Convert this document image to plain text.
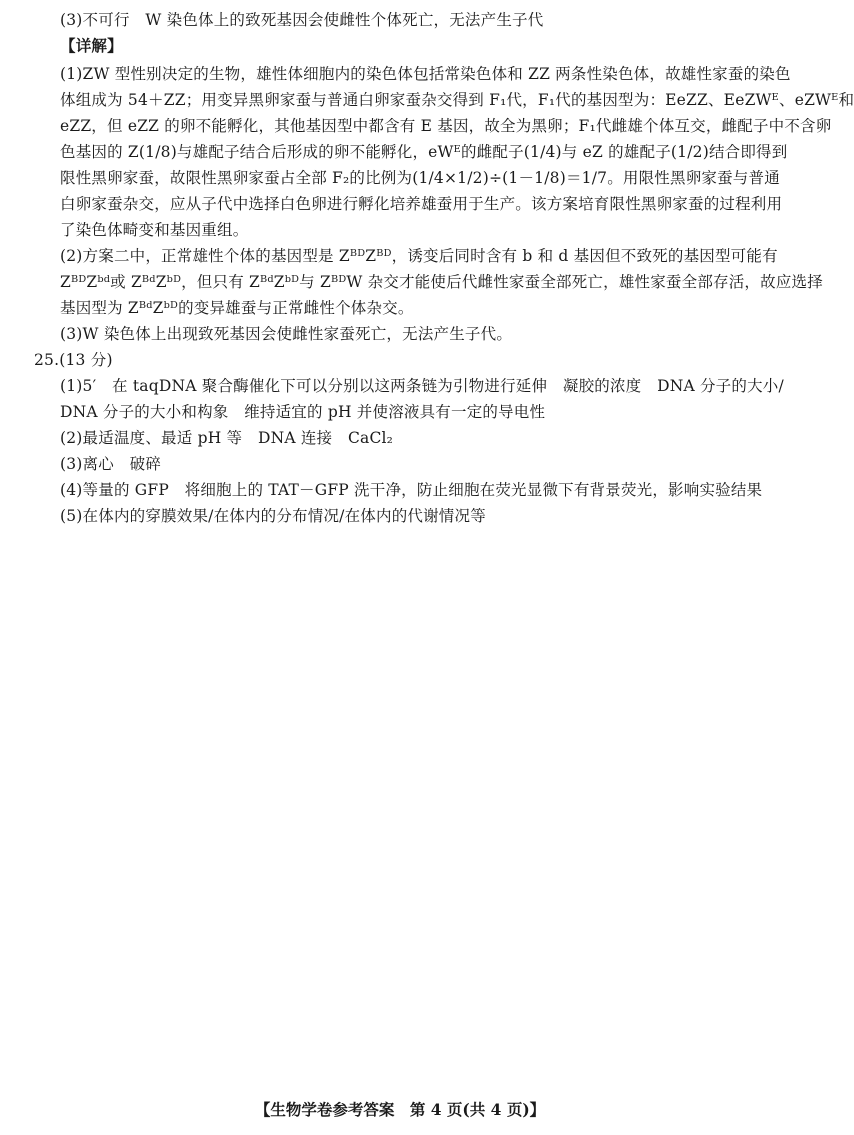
(3)不可行　W 染色体上的致死基因会使雌性个体死亡，无法产生子代
【详解】
(1)ZW 型性别决定的生物，雄性体细胞内的染色体包括常染色体和 ZZ 两条性染色体，故雄性家蚕的染色
体组成为 54＋ZZ；用变异黑卵家蚕与普通白卵家蚕杂交得到 F₁代，F₁代的基因型为：EeZZ、EeZWᴱ、eZWᴱ和
eZZ，但 eZZ 的卵不能孵化，其他基因型中都含有 E 基因，故全为黑卵；F₁代雌雄个体互交，雌配子中不含卵
色基因的 Z(1/8)与雄配子结合后形成的卵不能孵化，eWᴱ的雌配子(1/4)与 eZ 的雄配子(1/2)结合即得到
限性黑卵家蚕，故限性黑卵家蚕占全部 F₂的比例为(1/4×1/2)÷(1－1/8)＝1/7。用限性黑卵家蚕与普通
白卵家蚕杂交，应从子代中选择白色卵进行孵化培养雄蚕用于生产。该方案培育限性黑卵家蚕的过程利用
了染色体畸变和基因重组。
(2)方案二中，正常雄性个体的基因型是 ZᴮᴰZᴮᴰ，诱变后同时含有 b 和 d 基因但不致死的基因型可能有
ZᴮᴰZᵇᵈ或 ZᴮᵈZᵇᴰ，但只有 ZᴮᵈZᵇᴰ与 ZᴮᴰW 杂交才能使后代雌性家蚕全部死亡，雄性家蚕全部存活，故应选择
基因型为 ZᴮᵈZᵇᴰ的变异雄蚕与正常雌性个体杂交。
(3)W 染色体上出现致死基因会使雌性家蚕死亡，无法产生子代。
25.(13 分)
(1)5′　在 taqDNA 聚合酶催化下可以分别以这两条链为引物进行延伸　凝胶的浓度　DNA 分子的大小/
DNA 分子的大小和构象　维持适宜的 pH 并使溶液具有一定的导电性
(2)最适温度、最适 pH 等　DNA 连接　CaCl₂
(3)离心　破碎
(4)等量的 GFP　将细胞上的 TAT－GFP 洗干净，防止细胞在荧光显微下有背景荧光，影响实验结果
(5)在体内的穿膜效果/在体内的分布情况/在体内的代谢情况等
【生物学卷参考答案　第 4 页(共 4 页)】
